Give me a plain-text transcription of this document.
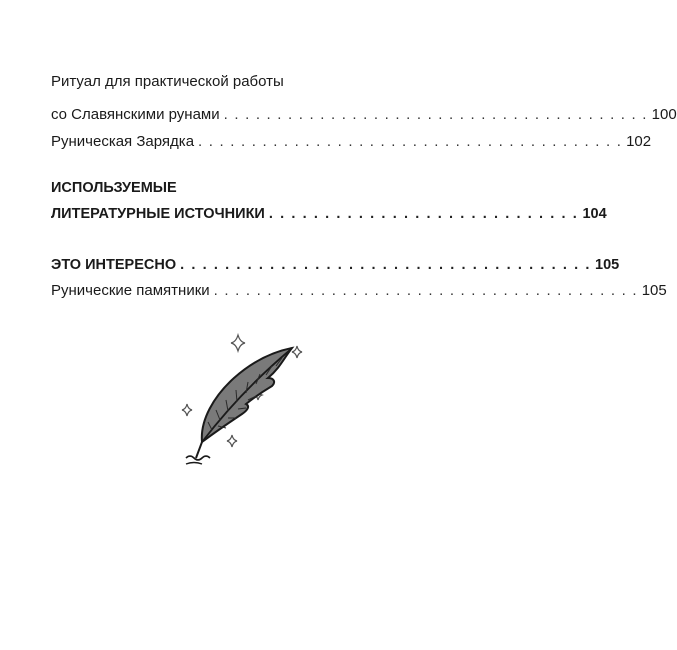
Ритуал для практической работы
со Славянскими рунами . . . . . . . . . . . . . . . . . . . . . . . . . . . . . . . . . . . . . . . . 100
Руническая Зарядка . . . . . . . . . . . . . . . . . . . . . . . . . . . . . . . . . . . . . . . . 102
ИСПОЛЬЗУЕМЫЕ
ЛИТЕРАТУРНЫЕ ИСТОЧНИКИ . . . . . . . . . . . . . . . . . . . . . . . . . . . . 104
ЭТО ИНТЕРЕСНО . . . . . . . . . . . . . . . . . . . . . . . . . . . . . . . . . . . . . 105
Рунические памятники . . . . . . . . . . . . . . . . . . . . . . . . . . . . . . . . . . . . . . . . 105
